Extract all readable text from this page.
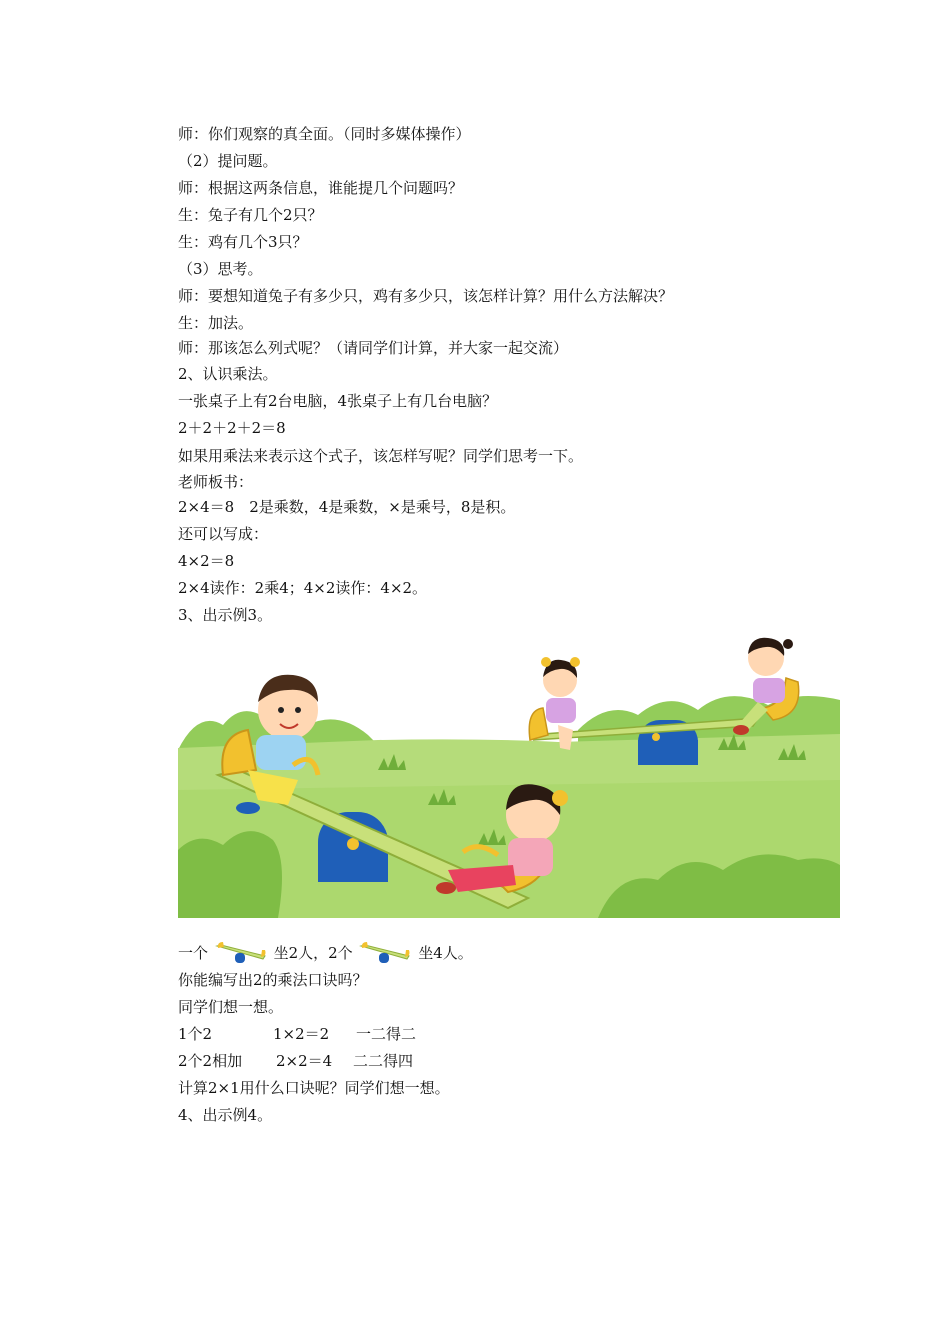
师：你们观察的真全面。（同时多媒体操作）
（2）提问题。
师：根据这两条信息，谁能提几个问题吗？
生：兔子有几个2只？
生：鸡有几个3只？
（3）思考。
师：要想知道兔子有多少只，鸡有多少只，该怎样计算？用什么方法解决？
生：加法。
师：那该怎么列式呢？（请同学们计算，并大家一起交流）
2、认识乘法。
一张桌子上有2台电脑，4张桌子上有几台电脑？
2＋2＋2＋2＝8
如果用乘法来表示这个式子，该怎样写呢？同学们思考一下。
老师板书：
2×4＝8　2是乘数，4是乘数，×是乘号，8是积。
还可以写成：
4×2＝8
2×4读作：2乘4；4×2读作：4×2。
3、出示例3。
一个	坐2人，2个	坐4人。
你能编写出2的乘法口诀吗？
同学们想一想。
1个2	1×2＝2 一二得二
2个2相加 2×2＝4 二二得四
计算2×1用什么口诀呢？同学们想一想。
4、出示例4。
